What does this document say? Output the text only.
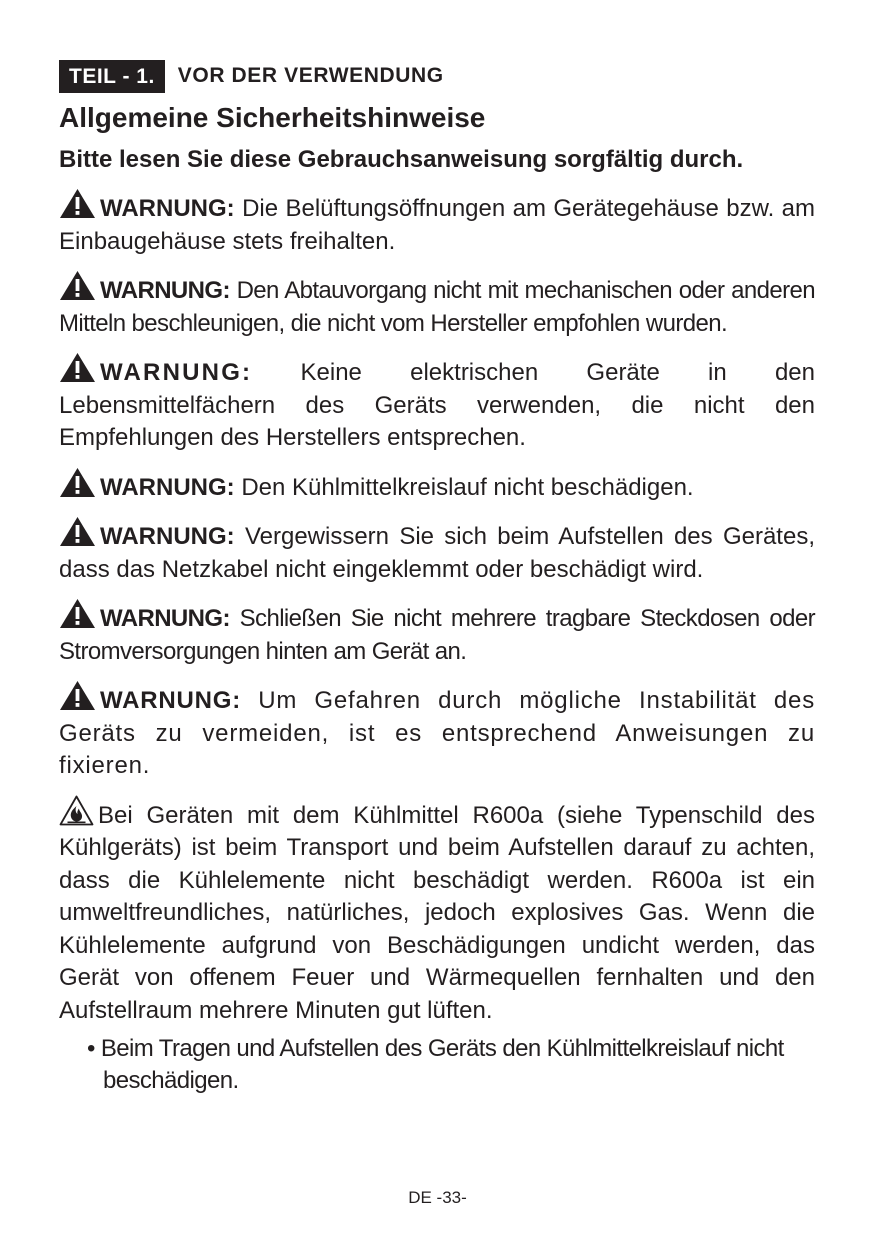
TEIL - 1.	VOR DER VERWENDUNG
Allgemeine Sicherheitshinweise

Bitte lesen Sie diese Gebrauchsanweisung sorgfältig durch.

WARNUNG: Die Belüftungsöffnungen am Gerätegehäuse bzw. am Einbaugehäuse stets freihalten.

WARNUNG: Den Abtauvorgang nicht mit mechanischen oder anderen Mitteln beschleunigen, die nicht vom Hersteller empfohlen wurden.

WARNUNG: Keine elektrischen Geräte in den Lebensmittelfächern des Geräts verwenden, die nicht den Empfehlungen des Herstellers entsprechen.

WARNUNG: Den Kühlmittelkreislauf nicht beschädigen.

WARNUNG: Vergewissern Sie sich beim Aufstellen des Gerätes, dass das Netzkabel nicht eingeklemmt oder beschädigt wird.

WARNUNG: Schließen Sie nicht mehrere tragbare Steckdosen oder Stromversorgungen hinten am Gerät an.

WARNUNG: Um Gefahren durch mögliche Instabilität des Geräts zu vermeiden, ist es entsprechend Anweisungen zu fixieren.

Bei Geräten mit dem Kühlmittel R600a (siehe Typenschild des Kühlgeräts) ist beim Transport und beim Aufstellen darauf zu achten, dass die Kühlelemente nicht beschädigt werden. R600a ist ein umweltfreundliches, natürliches, jedoch explosives Gas. Wenn die Kühlelemente aufgrund von Beschädigungen undicht werden, das Gerät von offenem Feuer und Wärmequellen fernhalten und den Aufstellraum mehrere Minuten gut lüften.

• Beim Tragen und Aufstellen des Geräts den Kühlmittelkreislauf nicht beschädigen.
DE -33-
